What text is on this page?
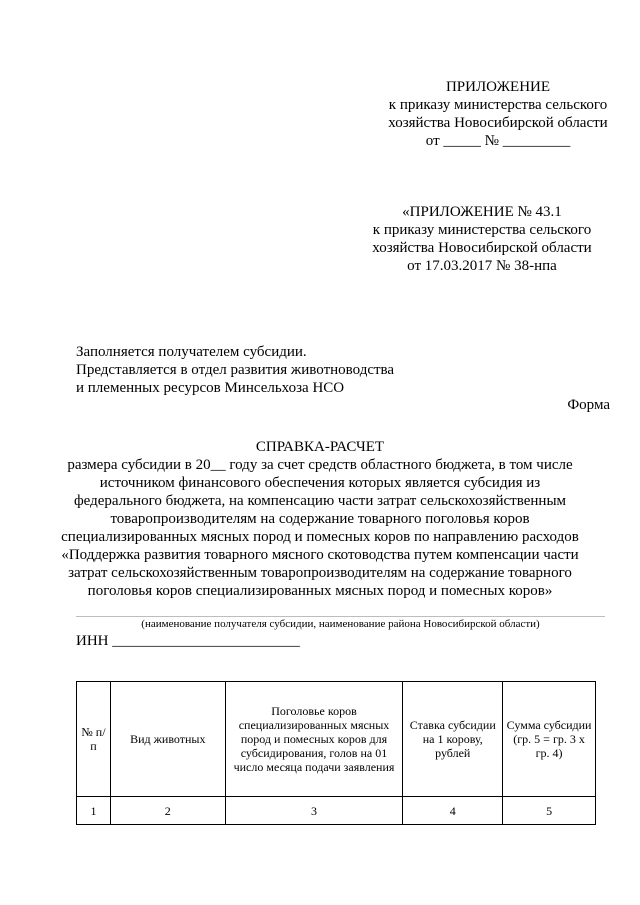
ПРИЛОЖЕНИЕ
к приказу министерства сельского
хозяйства Новосибирской области
от _____ № _________
«ПРИЛОЖЕНИЕ № 43.1
к приказу министерства сельского
хозяйства Новосибирской области
от 17.03.2017 № 38-нпа
Заполняется получателем субсидии.
Представляется в отдел развития животноводства
и племенных ресурсов Минсельхоза НСО
Форма
СПРАВКА-РАСЧЕТ
размера субсидии в 20__ году за счет средств областного бюджета, в том числе
источником финансового обеспечения которых является субсидия из
федерального бюджета, на компенсацию части затрат сельскохозяйственным
товаропроизводителям на содержание товарного поголовья коров
специализированных мясных пород и помесных коров по направлению расходов
«Поддержка развития товарного мясного скотоводства путем компенсации части
затрат сельскохозяйственным товаропроизводителям на содержание товарного
поголовья коров специализированных мясных пород и помесных коров»
(наименование получателя субсидии, наименование района Новосибирской области)
ИНН _________________________
№ п/п	Вид животных	Поголовье коров специализированных мясных пород и помесных коров для субсидирования, голов на 01 число месяца подачи заявления	Ставка субсидии на 1 корову, рублей	Сумма субсидии (гр. 5 = гр. 3 х гр. 4)
1	2	3	4	5
